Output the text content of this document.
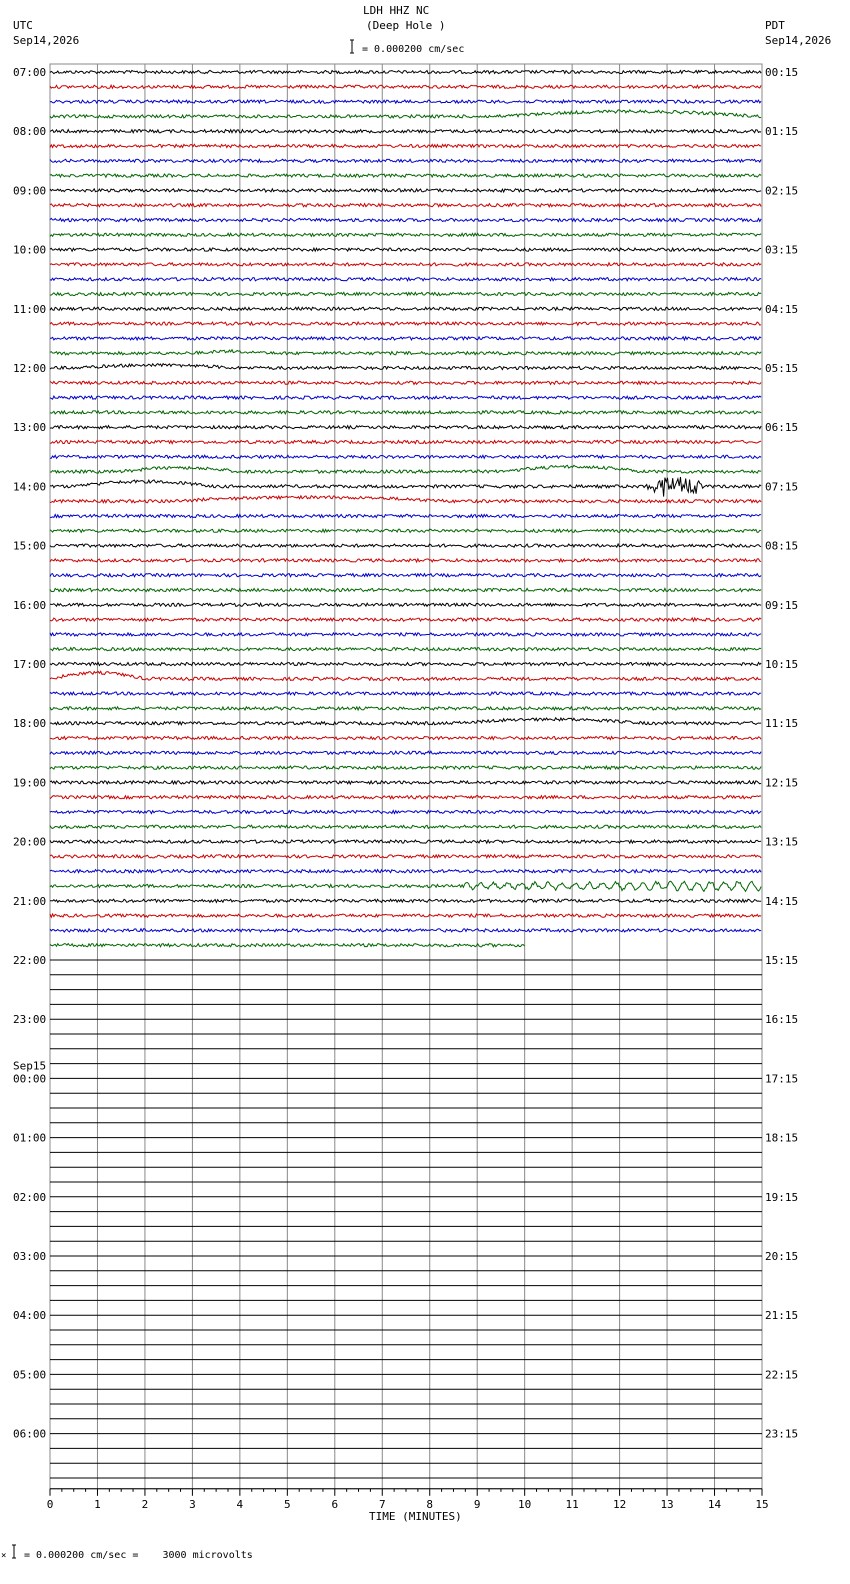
LDH HHZ NC
(Deep Hole )
UTC
Sep14,2026
PDT
Sep14,2026
= 0.000200 cm/sec
× = 0.000200 cm/sec =    3000 microvolts
TIME (MINUTES)
0	1	2	3	4	5	6	7	8	9	10	11	12	13	14	15
07:00
08:00
09:00
10:00
11:00
12:00
13:00
14:00
15:00
16:00
17:00
18:00
19:00
20:00
21:00
22:00
23:00
Sep15
00:00
01:00
02:00
03:00
04:00
05:00
06:00
00:15
01:15
02:15
03:15
04:15
05:15
06:15
07:15
08:15
09:15
10:15
11:15
12:15
13:15
14:15
15:15
16:15
17:15
18:15
19:15
20:15
21:15
22:15
23:15
